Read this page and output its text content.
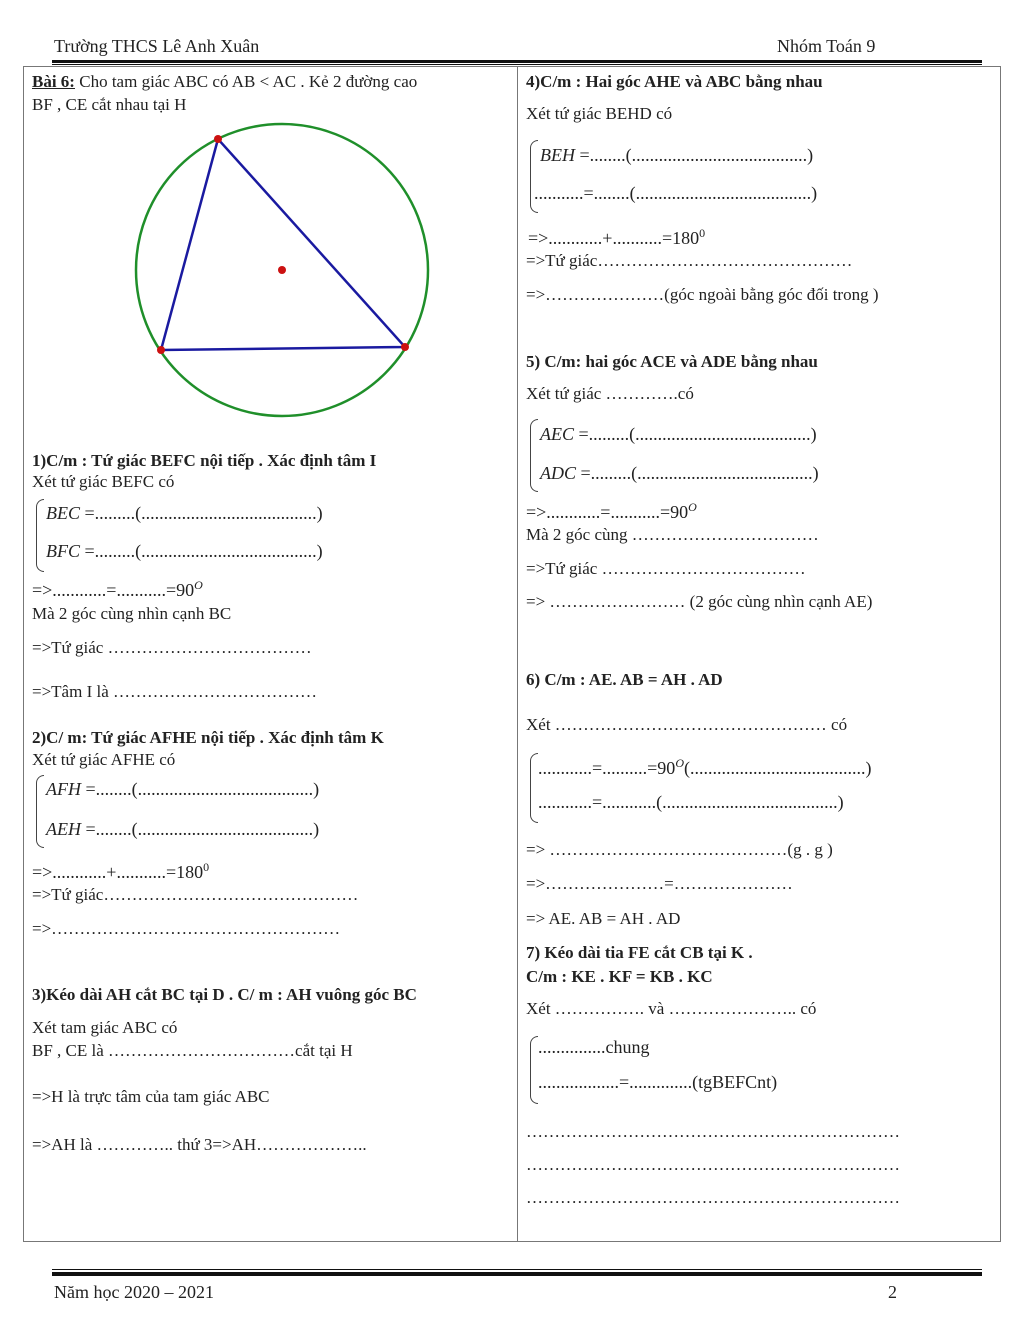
Trường THCS Lê Anh Xuân	Nhóm Toán 9
Bài 6: Cho tam giác ABC có AB < AC . Kẻ 2 đường cao
BF , CE cắt nhau tại H
1)C/m : Tứ giác BEFC nội tiếp . Xác định tâm I
Xét tứ giác BEFC có
BEC =.........(.......................................)
BFC =.........(.......................................)
$=>............=...........=90^O$
Mà 2 góc cùng nhìn cạnh BC
=>Tứ giác ………………………………
=>Tâm I là ………………………………
2)C/ m: Tứ giác AFHE nội tiếp . Xác định tâm K
Xét tứ giác AFHE có
AFH =........(.......................................)
AEH =........(.......................................)
$=>............+...........=180^0$
=>Tứ giác………………………………………
=>……………………………………………
3)Kéo dài AH cắt BC tại D . C/ m : AH vuông góc BC
Xét tam giác ABC có
BF , CE là ……………………………cắt tại H
=>H là trực tâm của tam giác ABC
=>AH là ………….. thứ 3=>AH………………..
4)C/m : Hai góc AHE và ABC bằng nhau
Xét tứ giác BEHD có
BEH =........(.......................................)
...........=........(.......................................)
$=>............+...........=180^0$
=>Tứ giác………………………………………
=>…………………(góc ngoài bằng góc đối trong )
5) C/m: hai góc ACE và ADE bằng nhau
Xét tứ giác ………….có
AEC =.........(.......................................)
ADC =.........(.......................................)
$=>............=...........=90^O$
Mà 2 góc cùng ……………………………
=>Tứ giác ………………………………
=> …………………… (2 góc cùng nhìn cạnh AE)
6) C/m : AE. AB = AH . AD
Xét ………………………………………… có
$............=..........=90^O(.......................................)$
............=............(.......................................)
=> ……………………………………(g . g )
=>…………………=…………………
=> AE. AB = AH . AD
7) Kéo dài tia FE cắt CB tại K .
C/m : KE . KF = KB . KC
Xét ……………. và ………………….. có
...............chung
..................=..............(tgBEFCnt)
…………………………………………………………
…………………………………………………………
…………………………………………………………
Năm học 2020 – 2021	2
